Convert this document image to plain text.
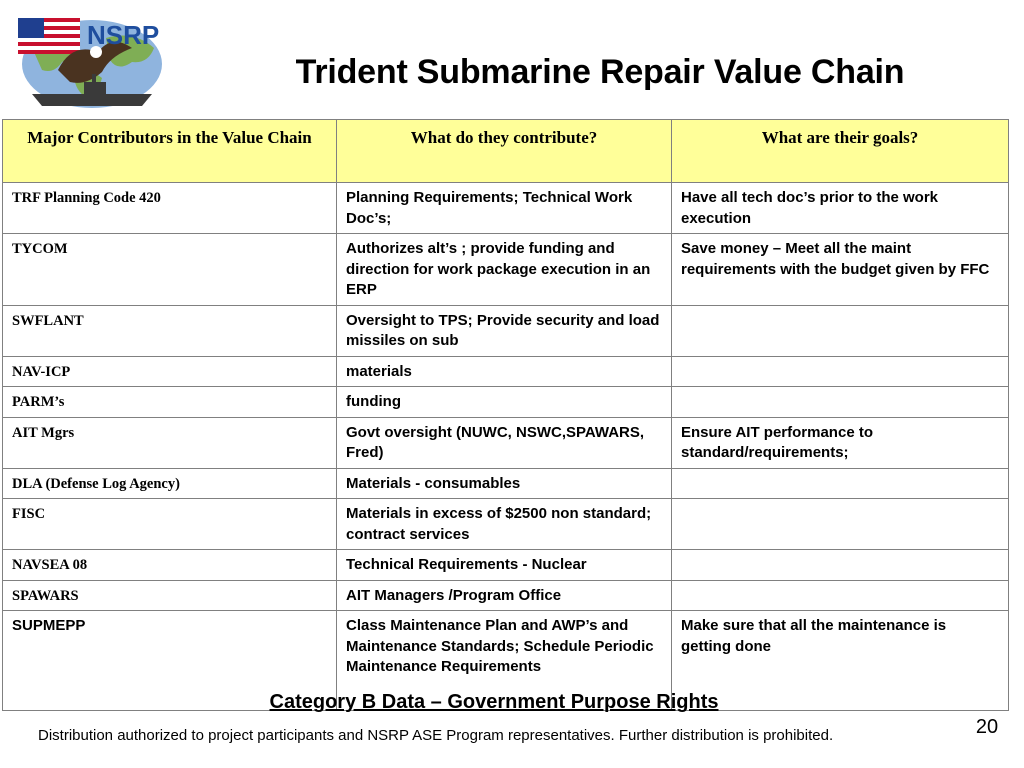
NSRP
Trident Submarine Repair Value Chain
Major Contributors in the Value Chain	What do they contribute?	What are their goals?
TRF Planning Code 420	Planning Requirements; Technical Work Doc’s;	Have all tech doc’s prior to the work execution
TYCOM	Authorizes alt’s ; provide funding and direction for work package execution in an ERP	Save money – Meet all the maint requirements with the budget given by FFC
SWFLANT	Oversight to TPS; Provide security and load missiles on sub	
NAV-ICP	materials	
PARM’s	funding	
AIT Mgrs	Govt oversight (NUWC, NSWC,SPAWARS, Fred)	Ensure AIT performance to standard/requirements;
DLA (Defense Log Agency)	Materials - consumables	
FISC	Materials in excess of $2500 non standard; contract services	
NAVSEA 08	Technical Requirements - Nuclear	
SPAWARS	AIT Managers /Program Office	
SUPMEPP	Class Maintenance Plan and AWP’s and Maintenance Standards; Schedule Periodic Maintenance Requirements	Make sure that all the maintenance is getting done
Category B Data – Government Purpose Rights
Distribution authorized to project participants and NSRP ASE Program representatives. Further distribution is prohibited.	20
